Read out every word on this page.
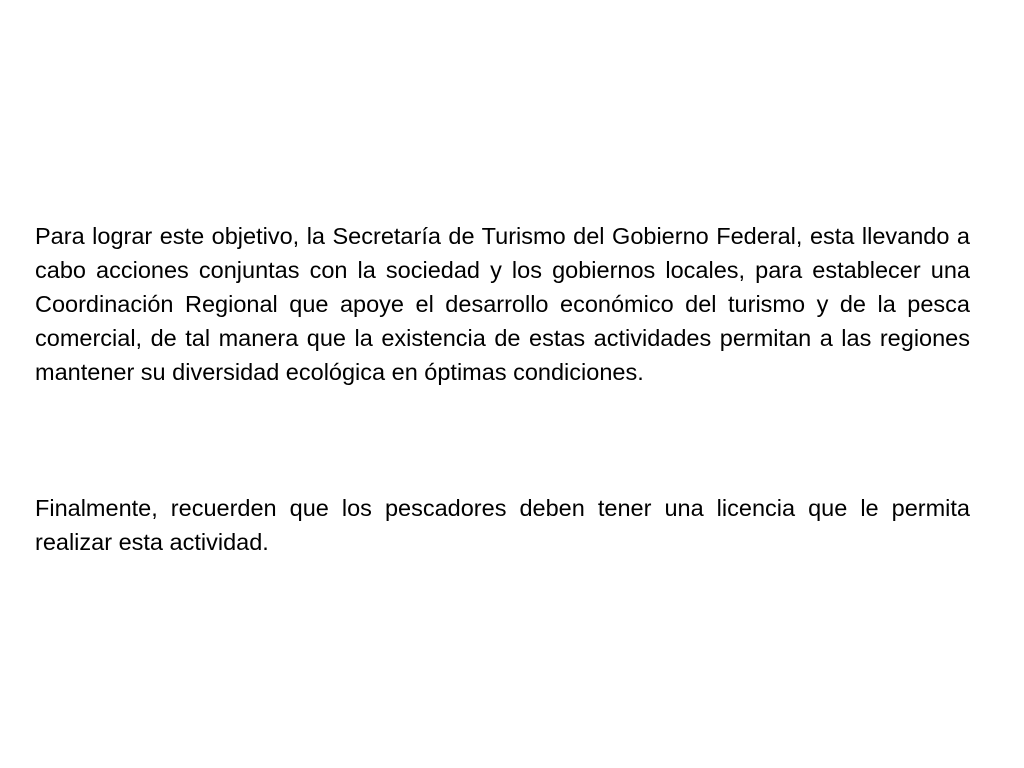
Para lograr este objetivo, la Secretaría de Turismo del Gobierno Federal, esta llevando a cabo acciones conjuntas con la sociedad y los gobiernos locales, para establecer una Coordinación Regional que apoye el desarrollo económico del turismo y de la pesca comercial, de tal manera que la existencia de estas actividades permitan a las regiones mantener su diversidad ecológica en óptimas condiciones.

Finalmente, recuerden que los pescadores deben tener una licencia que le permita realizar esta actividad.
